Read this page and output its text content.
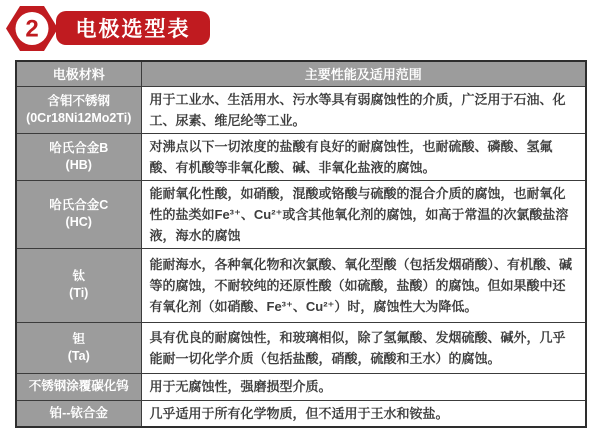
2 电极选型表
电极材料	主要性能及适用范围
含钼不锈钢
(0Cr18Ni12Mo2Ti)	用于工业水、生活用水、污水等具有弱腐蚀性的介质，广泛用于石油、化工、尿素、维尼纶等工业。
哈氏合金B
(HB)	对沸点以下一切浓度的盐酸有良好的耐腐蚀性，也耐硫酸、磷酸、氢氟酸、有机酸等非氧化酸、碱、非氧化盐液的腐蚀。
哈氏合金C
(HC)	能耐氧化性酸，如硝酸，混酸或铬酸与硫酸的混合介质的腐蚀，也耐氧化性的盐类如Fe³⁺、Cu²⁺或含其他氧化剂的腐蚀，如高于常温的次氯酸盐溶液，海水的腐蚀
钛
(Ti)	能耐海水，各种氧化物和次氯酸、氧化型酸（包括发烟硝酸）、有机酸、碱等的腐蚀，不耐较纯的还原性酸（如硫酸，盐酸）的腐蚀。但如果酸中还有氧化剂（如硝酸、Fe³⁺、Cu²⁺）时，腐蚀性大为降低。
钽
(Ta)	具有优良的耐腐蚀性，和玻璃相似，除了氢氟酸、发烟硫酸、碱外，几乎能耐一切化学介质（包括盐酸，硝酸，硫酸和王水）的腐蚀。
不锈钢涂覆碳化钨	用于无腐蚀性，强磨损型介质。
铂--铱合金	几乎适用于所有化学物质，但不适用于王水和铵盐。
